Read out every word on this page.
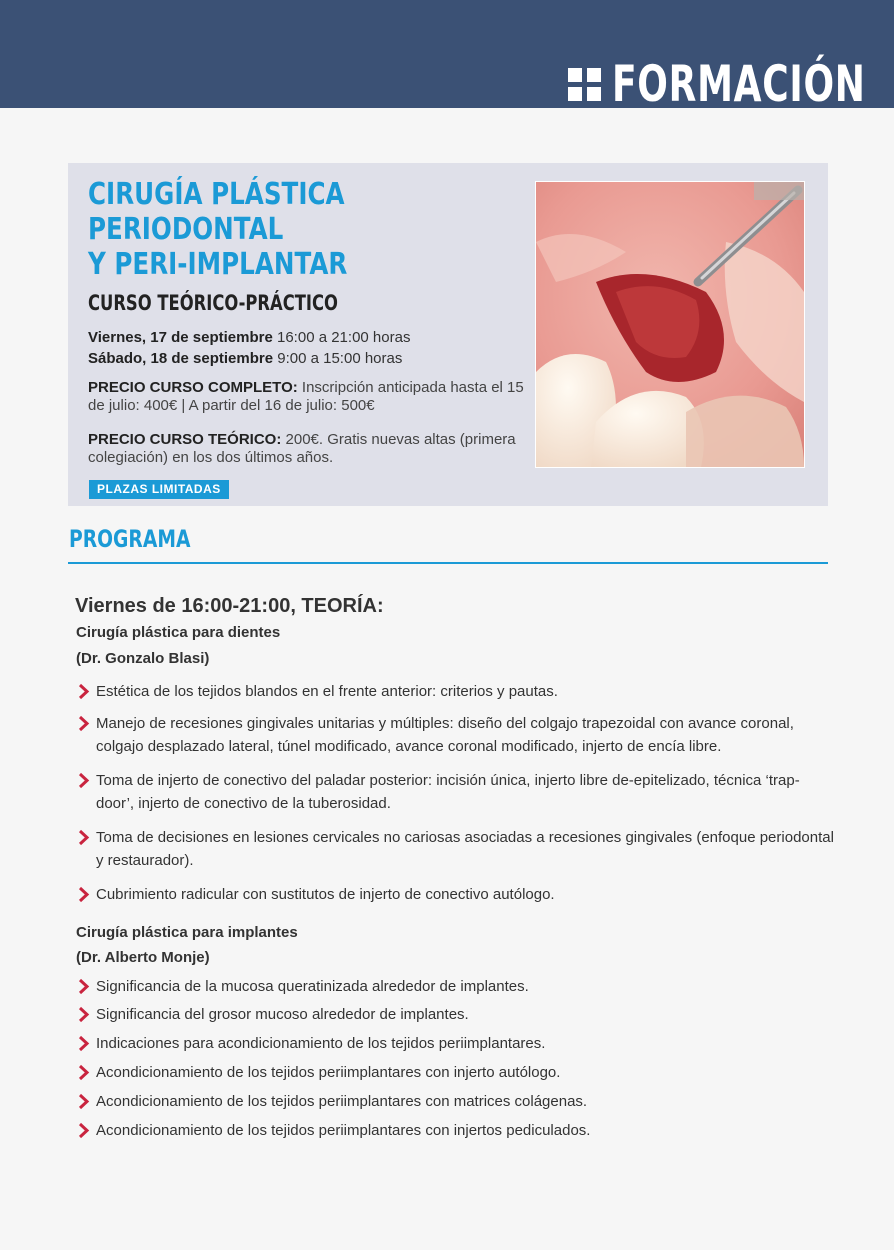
FORMACIÓN
CIRUGÍA PLÁSTICA
PERIODONTAL
Y PERI-IMPLANTAR
CURSO TEÓRICO-PRÁCTICO
Viernes, 17 de septiembre 16:00 a 21:00 horas
Sábado, 18 de septiembre 9:00 a 15:00 horas
PRECIO CURSO COMPLETO: Inscripción anticipada hasta el 15 de julio: 400€ | A partir del 16 de julio: 500€
PRECIO CURSO TEÓRICO: 200€. Gratis nuevas altas (primera colegiación) en los dos últimos años.
PLAZAS LIMITADAS
PROGRAMA
Viernes de 16:00-21:00, TEORÍA:
Cirugía plástica para dientes
(Dr. Gonzalo Blasi)
Estética de los tejidos blandos en el frente anterior: criterios y pautas.
Manejo de recesiones gingivales unitarias y múltiples: diseño del colgajo trapezoidal con avance coronal, colgajo desplazado lateral, túnel modificado, avance coronal modificado, injerto de encía libre.
Toma de injerto de conectivo del paladar posterior: incisión única, injerto libre de-epitelizado, técnica ‘trap-door’, injerto de conectivo de la tuberosidad.
Toma de decisiones en lesiones cervicales no cariosas asociadas a recesiones gingivales (enfoque periodontal y restaurador).
Cubrimiento radicular con sustitutos de injerto de conectivo autólogo.
Cirugía plástica para implantes
(Dr. Alberto Monje)
Significancia de la mucosa queratinizada alrededor de implantes.
Significancia del grosor mucoso alrededor de implantes.
Indicaciones para acondicionamiento de los tejidos periimplantares.
Acondicionamiento de los tejidos periimplantares con injerto autólogo.
Acondicionamiento de los tejidos periimplantares con matrices colágenas.
Acondicionamiento de los tejidos periimplantares con injertos pediculados.
